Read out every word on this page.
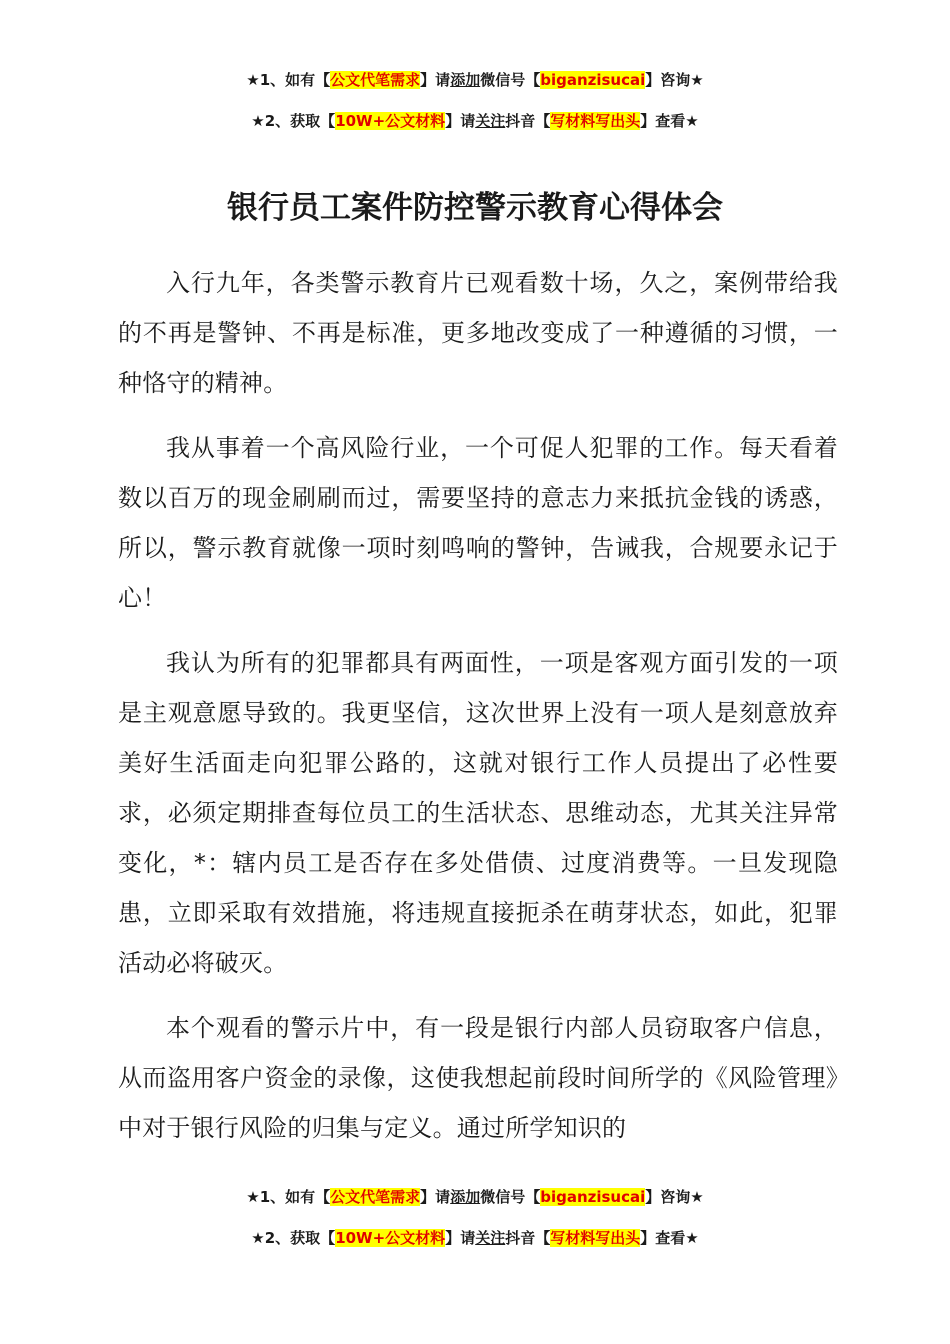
★1、如有【公文代笔需求】请添加微信号【biganzisucai】咨询★
★2、获取【10W+公文材料】请关注抖音【写材料写出头】查看★
银行员工案件防控警示教育心得体会

入行九年，各类警示教育片已观看数十场，久之，案例带给我的不再是警钟、不再是标准，更多地改变成了一种遵循的习惯，一种恪守的精神。

我从事着一个高风险行业，一个可促人犯罪的工作。每天看着数以百万的现金刷刷而过，需要坚持的意志力来抵抗金钱的诱惑，所以，警示教育就像一项时刻鸣响的警钟，告诫我，合规要永记于心！

我认为所有的犯罪都具有两面性，一项是客观方面引发的一项是主观意愿导致的。我更坚信，这次世界上没有一项人是刻意放弃美好生活面走向犯罪公路的，这就对银行工作人员提出了必性要求，必须定期排查每位员工的生活状态、思维动态，尤其关注异常变化，*：辖内员工是否存在多处借债、过度消费等。一旦发现隐患，立即采取有效措施，将违规直接扼杀在萌芽状态，如此，犯罪活动必将破灭。

本个观看的警示片中，有一段是银行内部人员窃取客户信息，从而盗用客户资金的录像，这使我想起前段时间所学的《风险管理》中对于银行风险的归集与定义。通过所学知识的

★1、如有【公文代笔需求】请添加微信号【biganzisucai】咨询★
★2、获取【10W+公文材料】请关注抖音【写材料写出头】查看★
